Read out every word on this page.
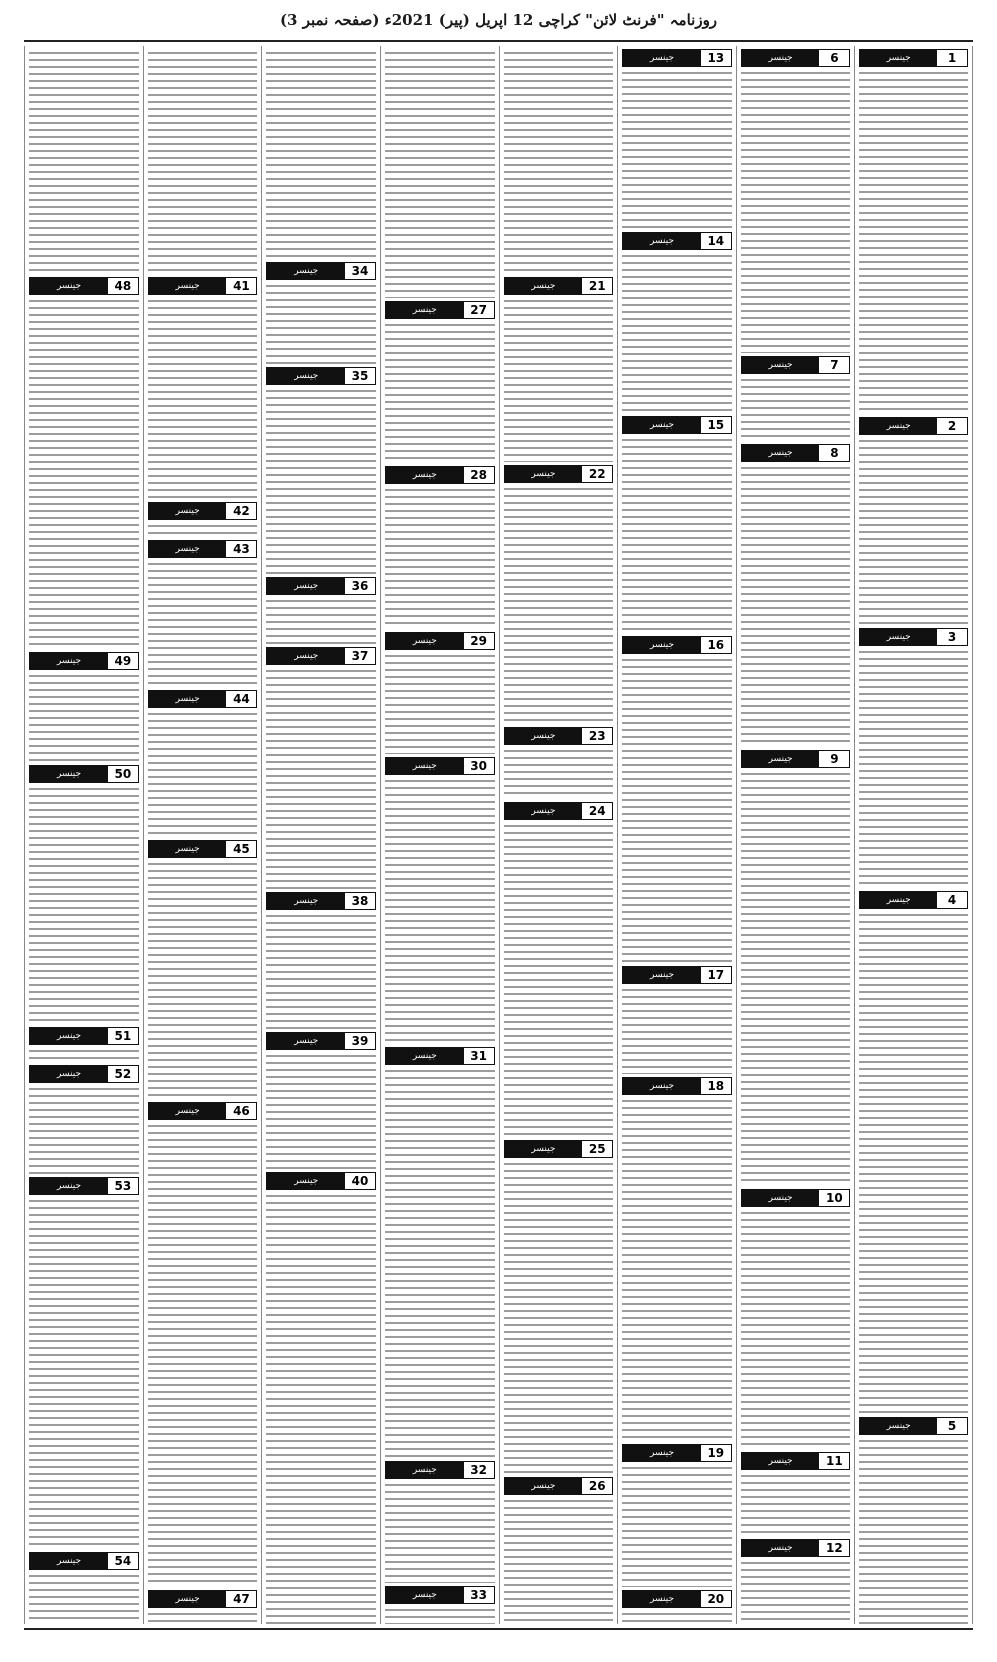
روزنامہ "فرنٹ لائن" کراچی 12 اپریل (پیر) 2021ء (صفحہ نمبر 3)
1
جینسر
2
جینسر
3
جینسر
4
جینسر
5
جینسر
6
جینسر
7
جینسر
8
جینسر
9
جینسر
10
جینسر
11
جینسر
12
جینسر
13
جینسر
14
جینسر
15
جینسر
16
جینسر
17
جینسر
18
جینسر
19
جینسر
20
جینسر
21
جینسر
22
جینسر
23
جینسر
24
جینسر
25
جینسر
26
جینسر
27
جینسر
28
جینسر
29
جینسر
30
جینسر
31
جینسر
32
جینسر
33
جینسر
34
جینسر
35
جینسر
36
جینسر
37
جینسر
38
جینسر
39
جینسر
40
جینسر
41
جینسر
42
جینسر
43
جینسر
44
جینسر
45
جینسر
46
جینسر
47
جینسر
48
جینسر
49
جینسر
50
جینسر
51
جینسر
52
جینسر
53
جینسر
54
جینسر
